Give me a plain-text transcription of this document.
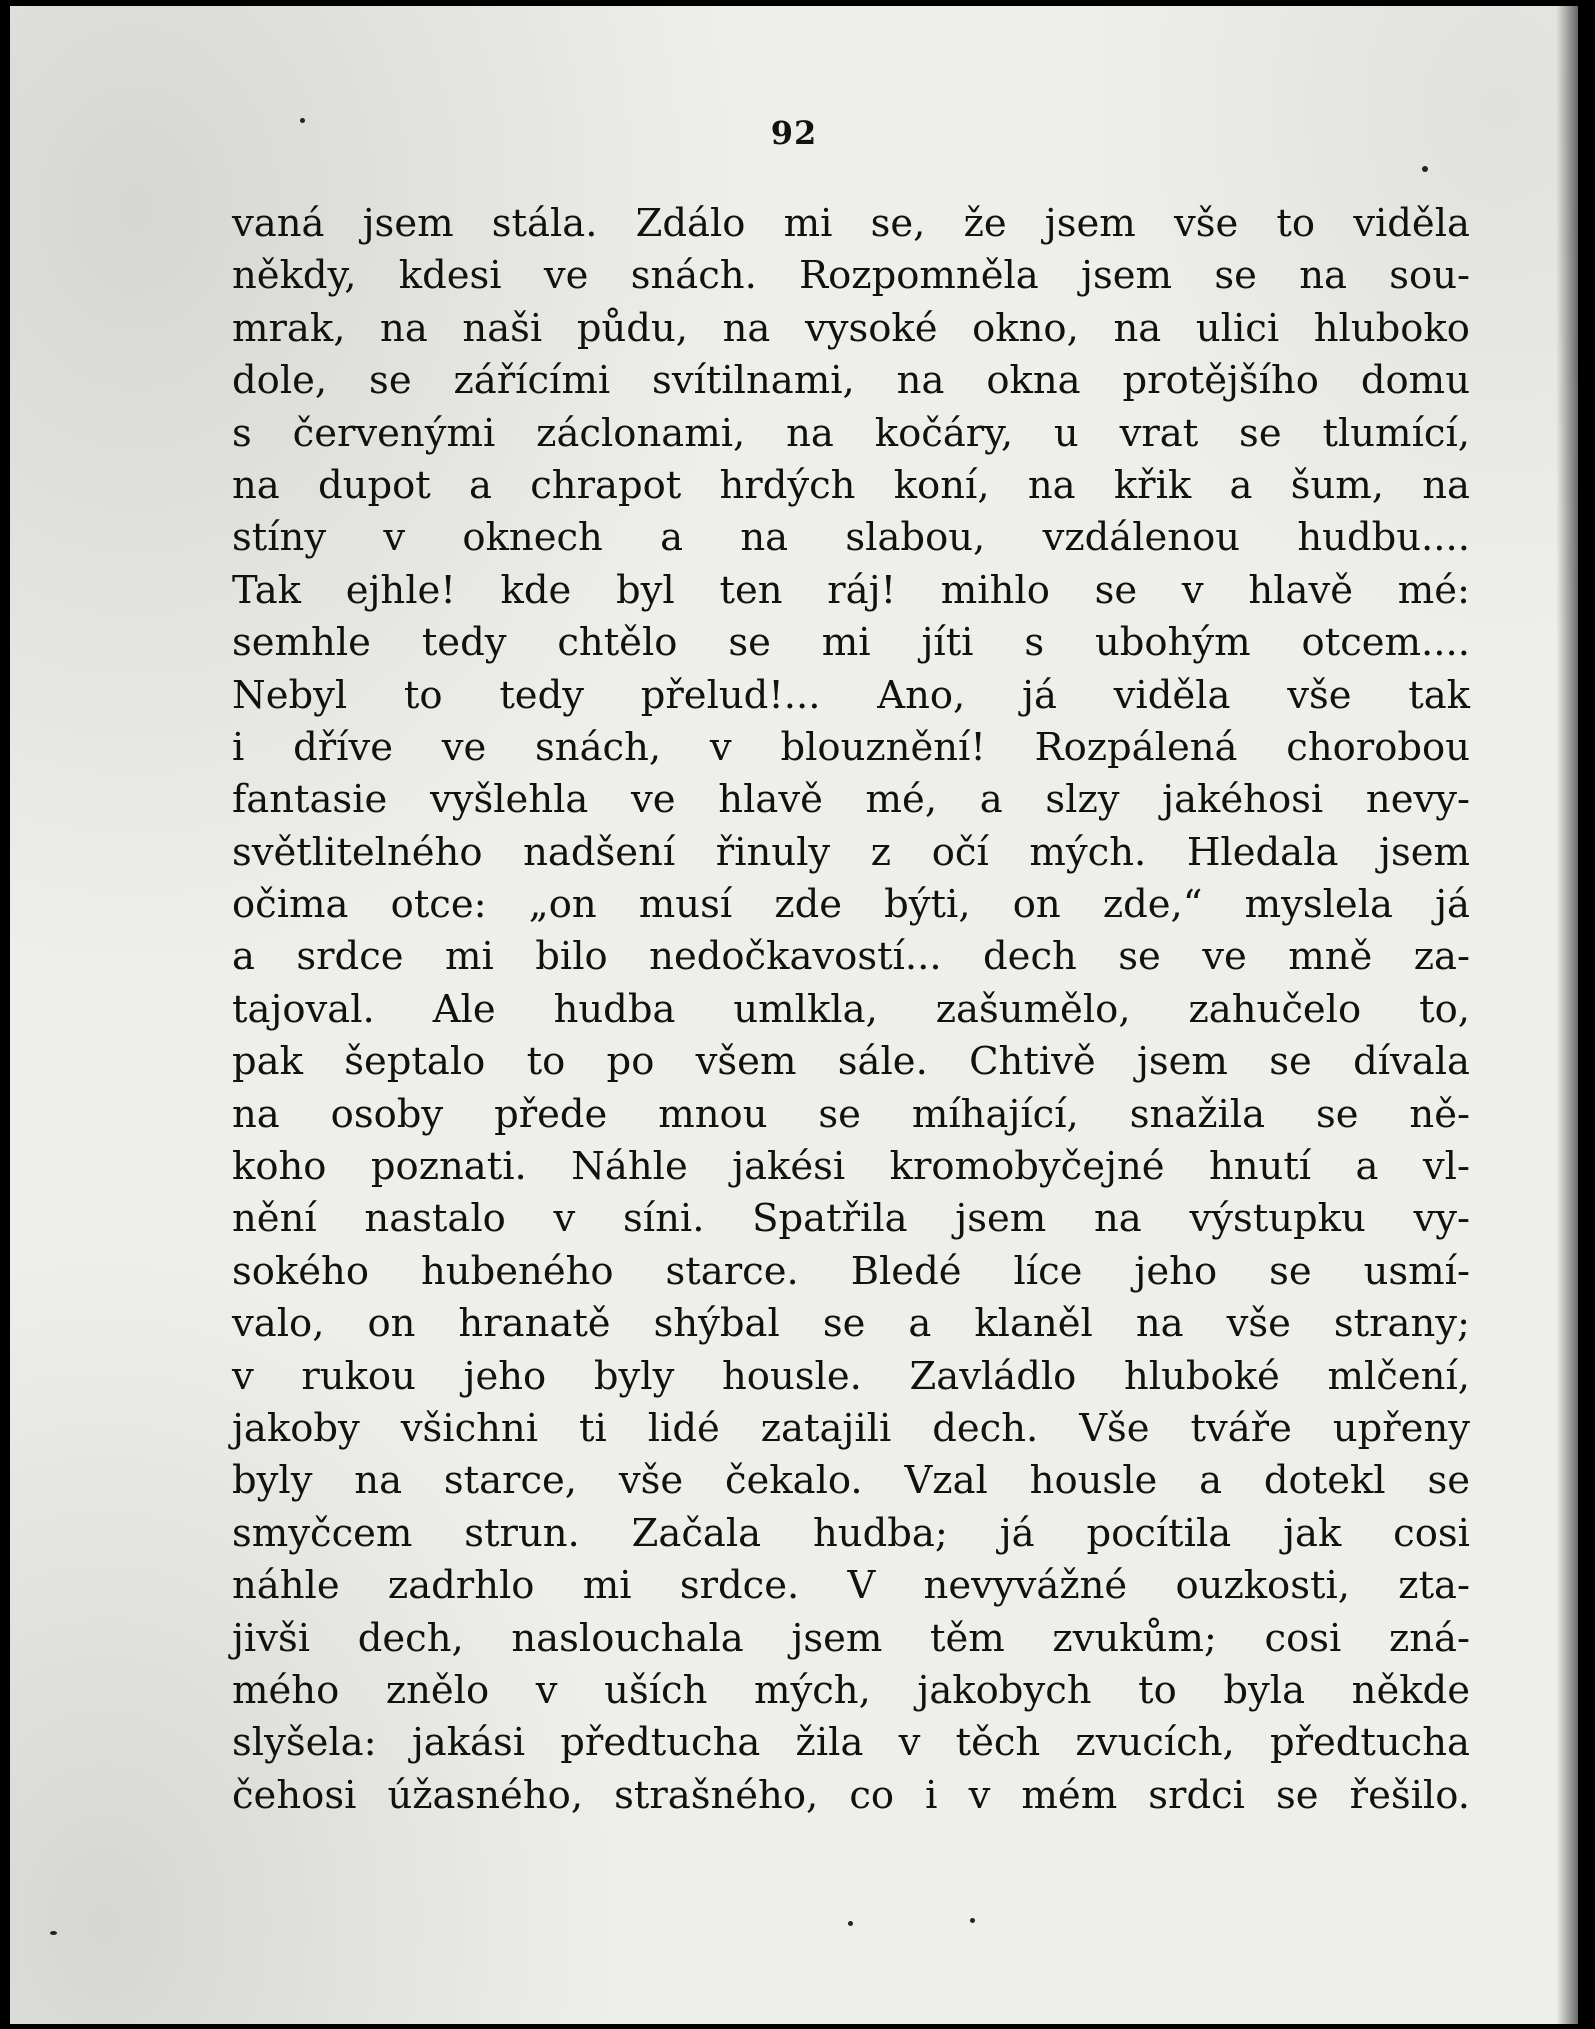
92
vaná jsem stála. Zdálo mi se, že jsem vše to viděla
někdy, kdesi ve snách. Rozpomněla jsem se na sou-
mrak, na naši půdu, na vysoké okno, na ulici hluboko
dole, se zářícími svítilnami, na okna protějšího domu
s červenými záclonami, na kočáry, u vrat se tlumící,
na dupot a chrapot hrdých koní, na křik a šum, na
stíny v oknech a na slabou, vzdálenou hudbu....
Tak ejhle! kde byl ten ráj! mihlo se v hlavě mé:
semhle tedy chtělo se mi jíti s ubohým otcem....
Nebyl to tedy přelud!... Ano, já viděla vše tak
i dříve ve snách, v blouznění! Rozpálená chorobou
fantasie vyšlehla ve hlavě mé, a slzy jakéhosi nevy-
světlitelného nadšení řinuly z očí mých. Hledala jsem
očima otce: „on musí zde býti, on zde,“ myslela já
a srdce mi bilo nedočkavostí... dech se ve mně za-
tajoval. Ale hudba umlkla, zašumělo, zahučelo to,
pak šeptalo to po všem sále. Chtivě jsem se dívala
na osoby přede mnou se míhající, snažila se ně-
koho poznati. Náhle jakési kromobyčejné hnutí a vl-
nění nastalo v síni. Spatřila jsem na výstupku vy-
sokého hubeného starce. Bledé líce jeho se usmí-
valo, on hranatě shýbal se a klaněl na vše strany;
v rukou jeho byly housle. Zavládlo hluboké mlčení,
jakoby všichni ti lidé zatajili dech. Vše tváře upřeny
byly na starce, vše čekalo. Vzal housle a dotekl se
smyčcem strun. Začala hudba; já pocítila jak cosi
náhle zadrhlo mi srdce. V nevyvážné ouzkosti, zta-
jivši dech, naslouchala jsem těm zvukům; cosi zná-
mého znělo v uších mých, jakobych to byla někde
slyšela: jakási předtucha žila v těch zvucích, předtucha
čehosi úžasného, strašného, co i v mém srdci se řešilo.
